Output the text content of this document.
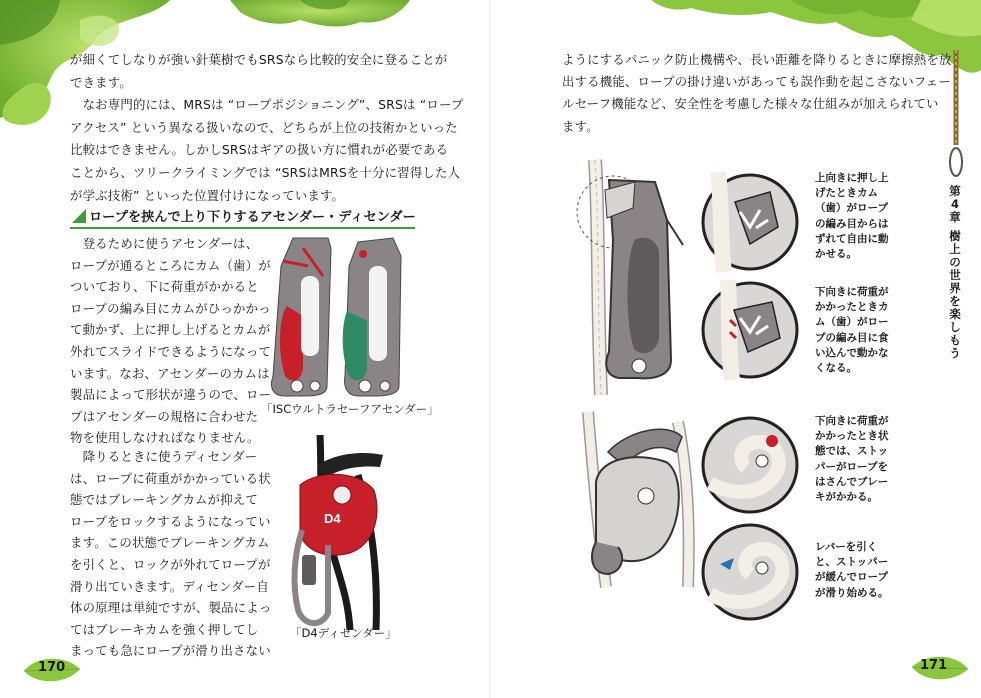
が細くてしなりが強い針葉樹でもSRSなら比較的安全に登ることが

できます。

　なお専門的には、MRSは “ロープポジショニング”、SRSは “ロープ

アクセス” という異なる扱いなので、どちらが上位の技術かといった

比較はできません。しかしSRSはギアの扱い方に慣れが必要である

ことから、ツリークライミングでは “SRSはMRSを十分に習得した人

が学ぶ技術” といった位置付けになっています。

ロープを挟んで上り下りするアセンダー・ディセンダー

　登るために使うアセンダーは、

ロープが通るところにカム（歯）が

ついており、下に荷重がかかると

ロープの編み目にカムがひっかかっ

て動かず、上に押し上げるとカムが

外れてスライドできるようになって

います。なお、アセンダーのカムは

製品によって形状が違うので、ロー

プはアセンダーの規格に合わせた

物を使用しなければなりません。

　降りるときに使うディセンダー

は、ロープに荷重がかかっている状

態ではブレーキングカムが抑えて

ロープをロックするようになってい

ます。この状態でブレーキングカム

を引くと、ロックが外れてロープが

滑り出ていきます。ディセンダー自

体の原理は単純ですが、製品によっ

てはブレーキカムを強く押してし

まっても急にロープが滑り出さない

「ISCウルトラセーフアセンダー」
D4
「D4ディセンダー」
170

ようにするパニック防止機構や、長い距離を降りるときに摩擦熱を放

出する機能、ロープの掛け違いがあっても誤作動を起こさないフェー

ルセーフ機能など、安全性を考慮した様々な仕組みが加えられてい

ます。

上向きに押し上

げたときカム

（歯）がロープ

の編み目からは

ずれて自由に動

かせる。

下向きに荷重が

かかったときカ

ム（歯）がロー

プの編み目に食

い込んで動かな

くなる。

下向きに荷重が

かかったとき状

態では、ストッ

パーがロープを

はさんでブレー

キがかかる。

レバーを引く

と、ストッパー

が緩んでロープ

が滑り始める。

171
第4章
樹上の世界を楽しもう
